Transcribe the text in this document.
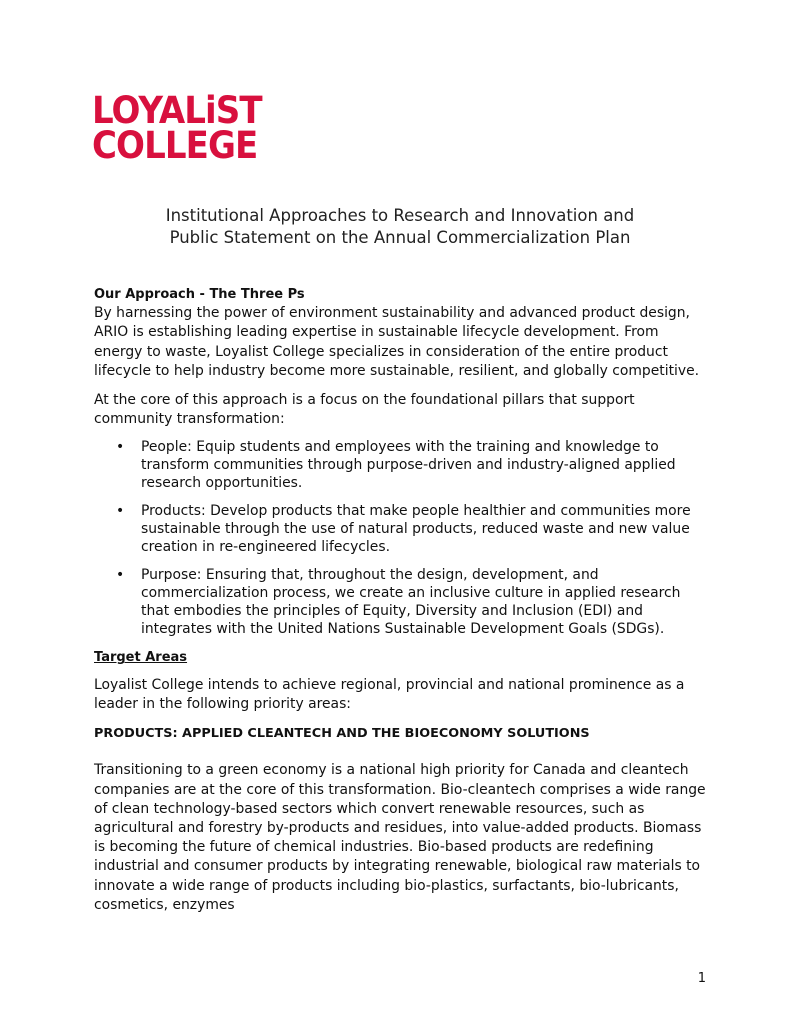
LOYALiST
COLLEGE
Institutional Approaches to Research and Innovation and
Public Statement on the Annual Commercialization Plan

Our Approach - The Three Ps

By harnessing the power of environment sustainability and advanced product design, ARIO is establishing leading expertise in sustainable lifecycle development. From energy to waste, Loyalist College specializes in consideration of the entire product lifecycle to help industry become more sustainable, resilient, and globally competitive.

At the core of this approach is a focus on the foundational pillars that support community transformation:

• People: Equip students and employees with the training and knowledge to transform communities through purpose-driven and industry-aligned applied research opportunities.
• Products: Develop products that make people healthier and communities more sustainable through the use of natural products, reduced waste and new value creation in re-engineered lifecycles.
• Purpose: Ensuring that, throughout the design, development, and commercialization process, we create an inclusive culture in applied research that embodies the principles of Equity, Diversity and Inclusion (EDI) and integrates with the United Nations Sustainable Development Goals (SDGs).

Target Areas

Loyalist College intends to achieve regional, provincial and national prominence as a leader in the following priority areas:

PRODUCTS: APPLIED CLEANTECH AND THE BIOECONOMY SOLUTIONS

Transitioning to a green economy is a national high priority for Canada and cleantech companies are at the core of this transformation. Bio-cleantech comprises a wide range of clean technology-based sectors which convert renewable resources, such as agricultural and forestry by-products and residues, into value-added products. Biomass is becoming the future of chemical industries. Bio-based products are redefining industrial and consumer products by integrating renewable, biological raw materials to innovate a wide range of products including bio-plastics, surfactants, bio-lubricants, cosmetics, enzymes

1
